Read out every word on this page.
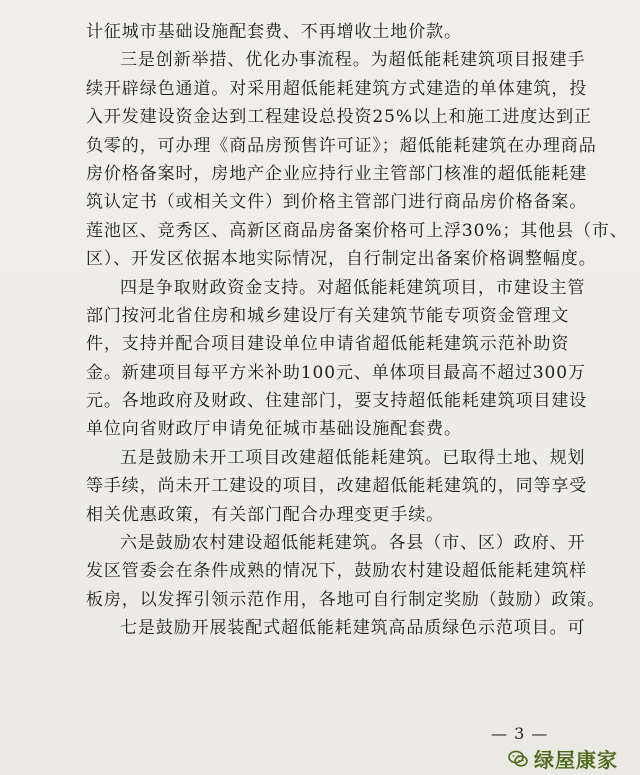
计征城市基础设施配套费、不再增收土地价款。
三是创新举措、优化办事流程。为超低能耗建筑项目报建手
续开辟绿色通道。对采用超低能耗建筑方式建造的单体建筑，投
入开发建设资金达到工程建设总投资25%以上和施工进度达到正
负零的，可办理《商品房预售许可证》；超低能耗建筑在办理商品
房价格备案时，房地产企业应持行业主管部门核准的超低能耗建
筑认定书（或相关文件）到价格主管部门进行商品房价格备案。
莲池区、竞秀区、高新区商品房备案价格可上浮30%；其他县（市、
区）、开发区依据本地实际情况，自行制定出备案价格调整幅度。
四是争取财政资金支持。对超低能耗建筑项目，市建设主管
部门按河北省住房和城乡建设厅有关建筑节能专项资金管理文
件，支持并配合项目建设单位申请省超低能耗建筑示范补助资
金。新建项目每平方米补助100元、单体项目最高不超过300万
元。各地政府及财政、住建部门，要支持超低能耗建筑项目建设
单位向省财政厅申请免征城市基础设施配套费。
五是鼓励未开工项目改建超低能耗建筑。已取得土地、规划
等手续，尚未开工建设的项目，改建超低能耗建筑的，同等享受
相关优惠政策，有关部门配合办理变更手续。
六是鼓励农村建设超低能耗建筑。各县（市、区）政府、开
发区管委会在条件成熟的情况下，鼓励农村建设超低能耗建筑样
板房，以发挥引领示范作用，各地可自行制定奖励（鼓励）政策。
七是鼓励开展装配式超低能耗建筑高品质绿色示范项目。可
— 3 —
绿屋康家
